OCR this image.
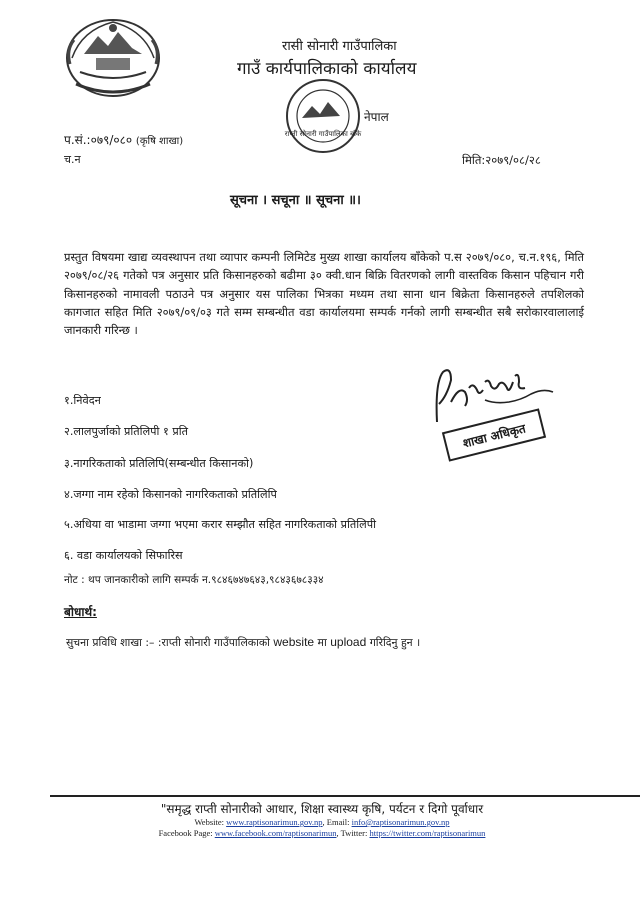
रासी सोनारी गाउँपालिका
गाउँ कार्यपालिकाको कार्यालय
राप्ती सोनारी गाउँपालिका बाँके
नेपाल
प.सं.:०७९/०८० (कृषि शाखा)
च.न	मिति:२०७९/०८/२८
सूचना । सचूना ॥ सूचना ॥।
प्रस्तुत विषयमा खाद्य व्यवस्थापन तथा व्यापार कम्पनी लिमिटेड मुख्य शाखा कार्यालय बाँकेको प.स २०७९/०८०, च.न.१९६, मिति २०७९/०८/२६ गतेको पत्र अनुसार प्रति किसानहरुको बढीमा ३० क्वी.धान बिक्रि वितरणको लागी वास्तविक किसान पहिचान गरी किसानहरुको नामावली पठाउने पत्र अनुसार यस पालिका भित्रका मध्यम तथा साना धान बिक्रेता किसानहरुले तपशिलको कागजात सहित मिति २०७९/०९/०३ गते सम्म सम्बन्धीत वडा कार्यालयमा सम्पर्क गर्नको लागी सम्बन्धीत सबै सरोकारवालालाई जानकारी गरिन्छ ।
१.निवेदन
२.लालपुर्जाको प्रतिलिपी १ प्रति
३.नागरिकताको प्रतिलिपि(सम्बन्धीत किसानको)
४.जग्गा नाम रहेको किसानको नागरिकताको प्रतिलिपि
५.अधिया वा भाडामा जग्गा भएमा करार सम्झौत सहित नागरिकताको प्रतिलिपी
६. वडा कार्यालयको सिफारिस
नोट : थप जानकारीको लागि सम्पर्क न.९८४६७४७६४३,९८४३६७८३३४
बोधार्थ:
सुचना प्रविधि शाखा :– :राप्ती सोनारी गाउँपालिकाको website मा upload गरिदिनु हुन ।
शाखा अधिकृत
"समृद्ध राप्ती सोनारीको आधार, शिक्षा स्वास्थ्य कृषि, पर्यटन र दिगो पूर्वाधार
Website: www.raptisonarimun.gov.np, Email: info@raptisonarimun.gov.np
Facebook Page: www.facebook.com/raptisonarimun, Twitter: https://twitter.com/raptisonarimun
